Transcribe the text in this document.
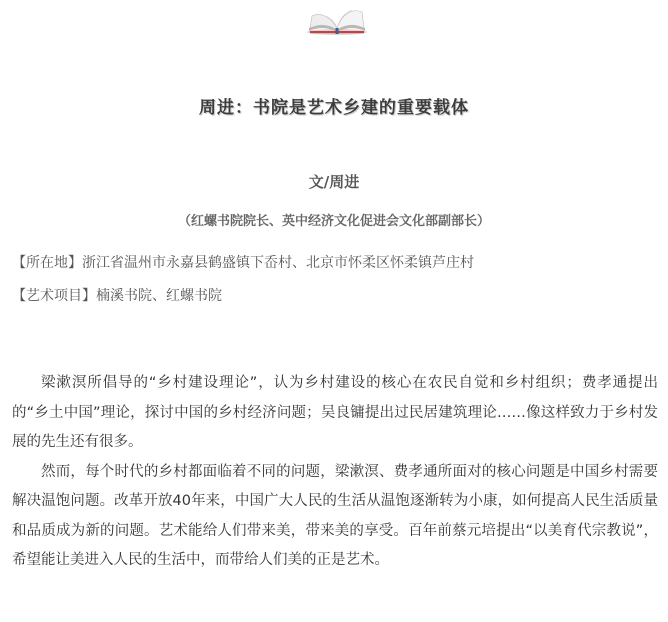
周进：书院是艺术乡建的重要载体
文/周进
（红螺书院院长、英中经济文化促进会文化部副部长）
【所在地】浙江省温州市永嘉县鹤盛镇下岙村、北京市怀柔区怀柔镇芦庄村
【艺术项目】楠溪书院、红螺书院

梁漱溟所倡导的“乡村建设理论”，认为乡村建设的核心在农民自觉和乡村组织；费孝通提出的“乡土中国”理论，探讨中国的乡村经济问题；吴良镛提出过民居建筑理论……像这样致力于乡村发展的先生还有很多。

然而，每个时代的乡村都面临着不同的问题，梁漱溟、费孝通所面对的核心问题是中国乡村需要解决温饱问题。改革开放40年来，中国广大人民的生活从温饱逐渐转为小康，如何提高人民生活质量和品质成为新的问题。艺术能给人们带来美，带来美的享受。百年前蔡元培提出“以美育代宗教说”，希望能让美进入人民的生活中，而带给人们美的正是艺术。
